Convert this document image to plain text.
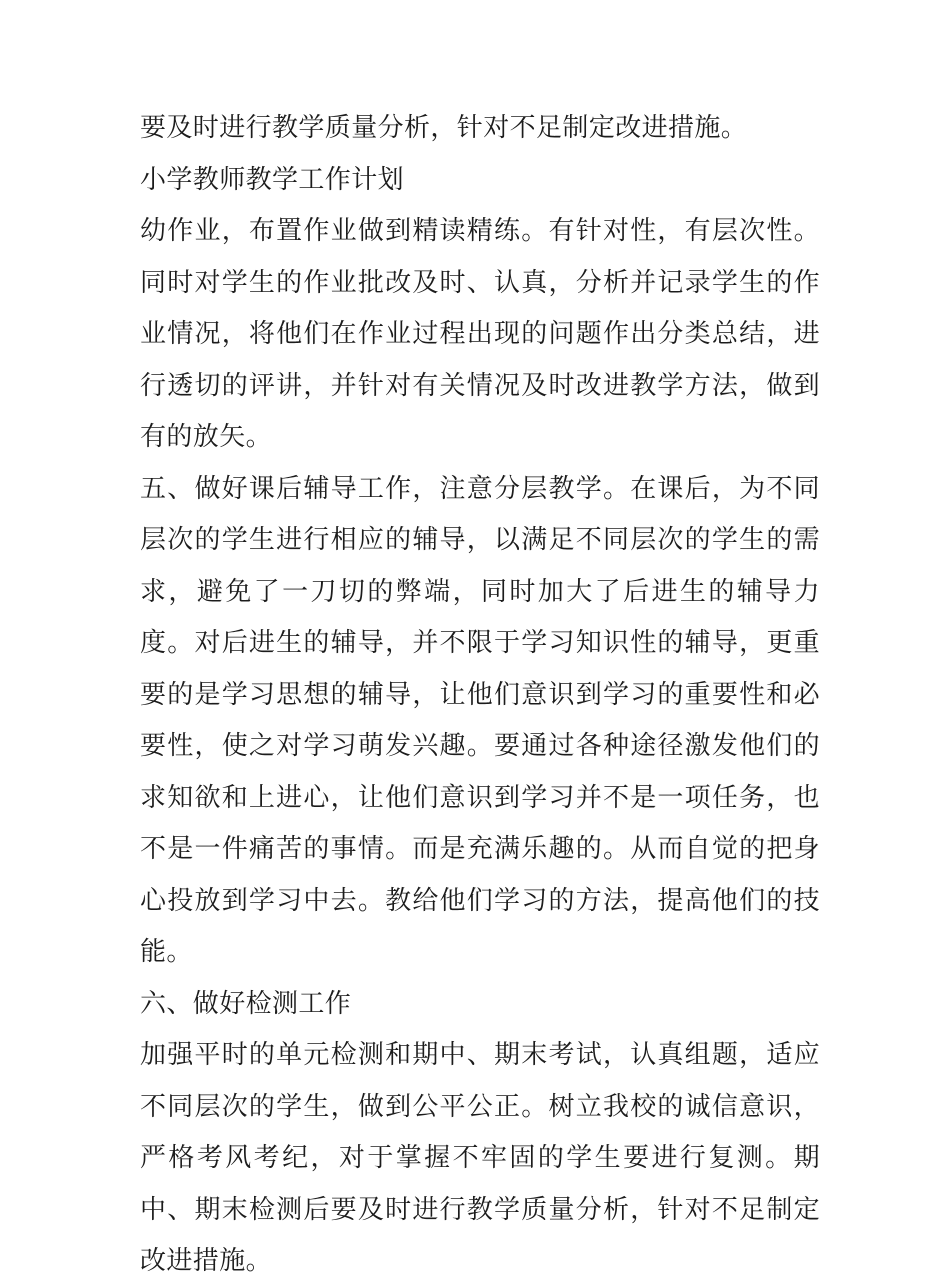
要及时进行教学质量分析，针对不足制定改进措施。

小学教师教学工作计划

幼作业，布置作业做到精读精练。有针对性，有层次性。同时对学生的作业批改及时、认真，分析并记录学生的作业情况，将他们在作业过程出现的问题作出分类总结，进行透切的评讲，并针对有关情况及时改进教学方法，做到有的放矢。

五、做好课后辅导工作，注意分层教学。在课后，为不同层次的学生进行相应的辅导，以满足不同层次的学生的需求，避免了一刀切的弊端，同时加大了后进生的辅导力度。对后进生的辅导，并不限于学习知识性的辅导，更重要的是学习思想的辅导，让他们意识到学习的重要性和必要性，使之对学习萌发兴趣。要通过各种途径激发他们的求知欲和上进心，让他们意识到学习并不是一项任务，也不是一件痛苦的事情。而是充满乐趣的。从而自觉的把身心投放到学习中去。教给他们学习的方法，提高他们的技能。

六、做好检测工作

加强平时的单元检测和期中、期末考试，认真组题，适应不同层次的学生，做到公平公正。树立我校的诚信意识，严格考风考纪，对于掌握不牢固的学生要进行复测。期中、期末检测后要及时进行教学质量分析，针对不足制定改进措施。
